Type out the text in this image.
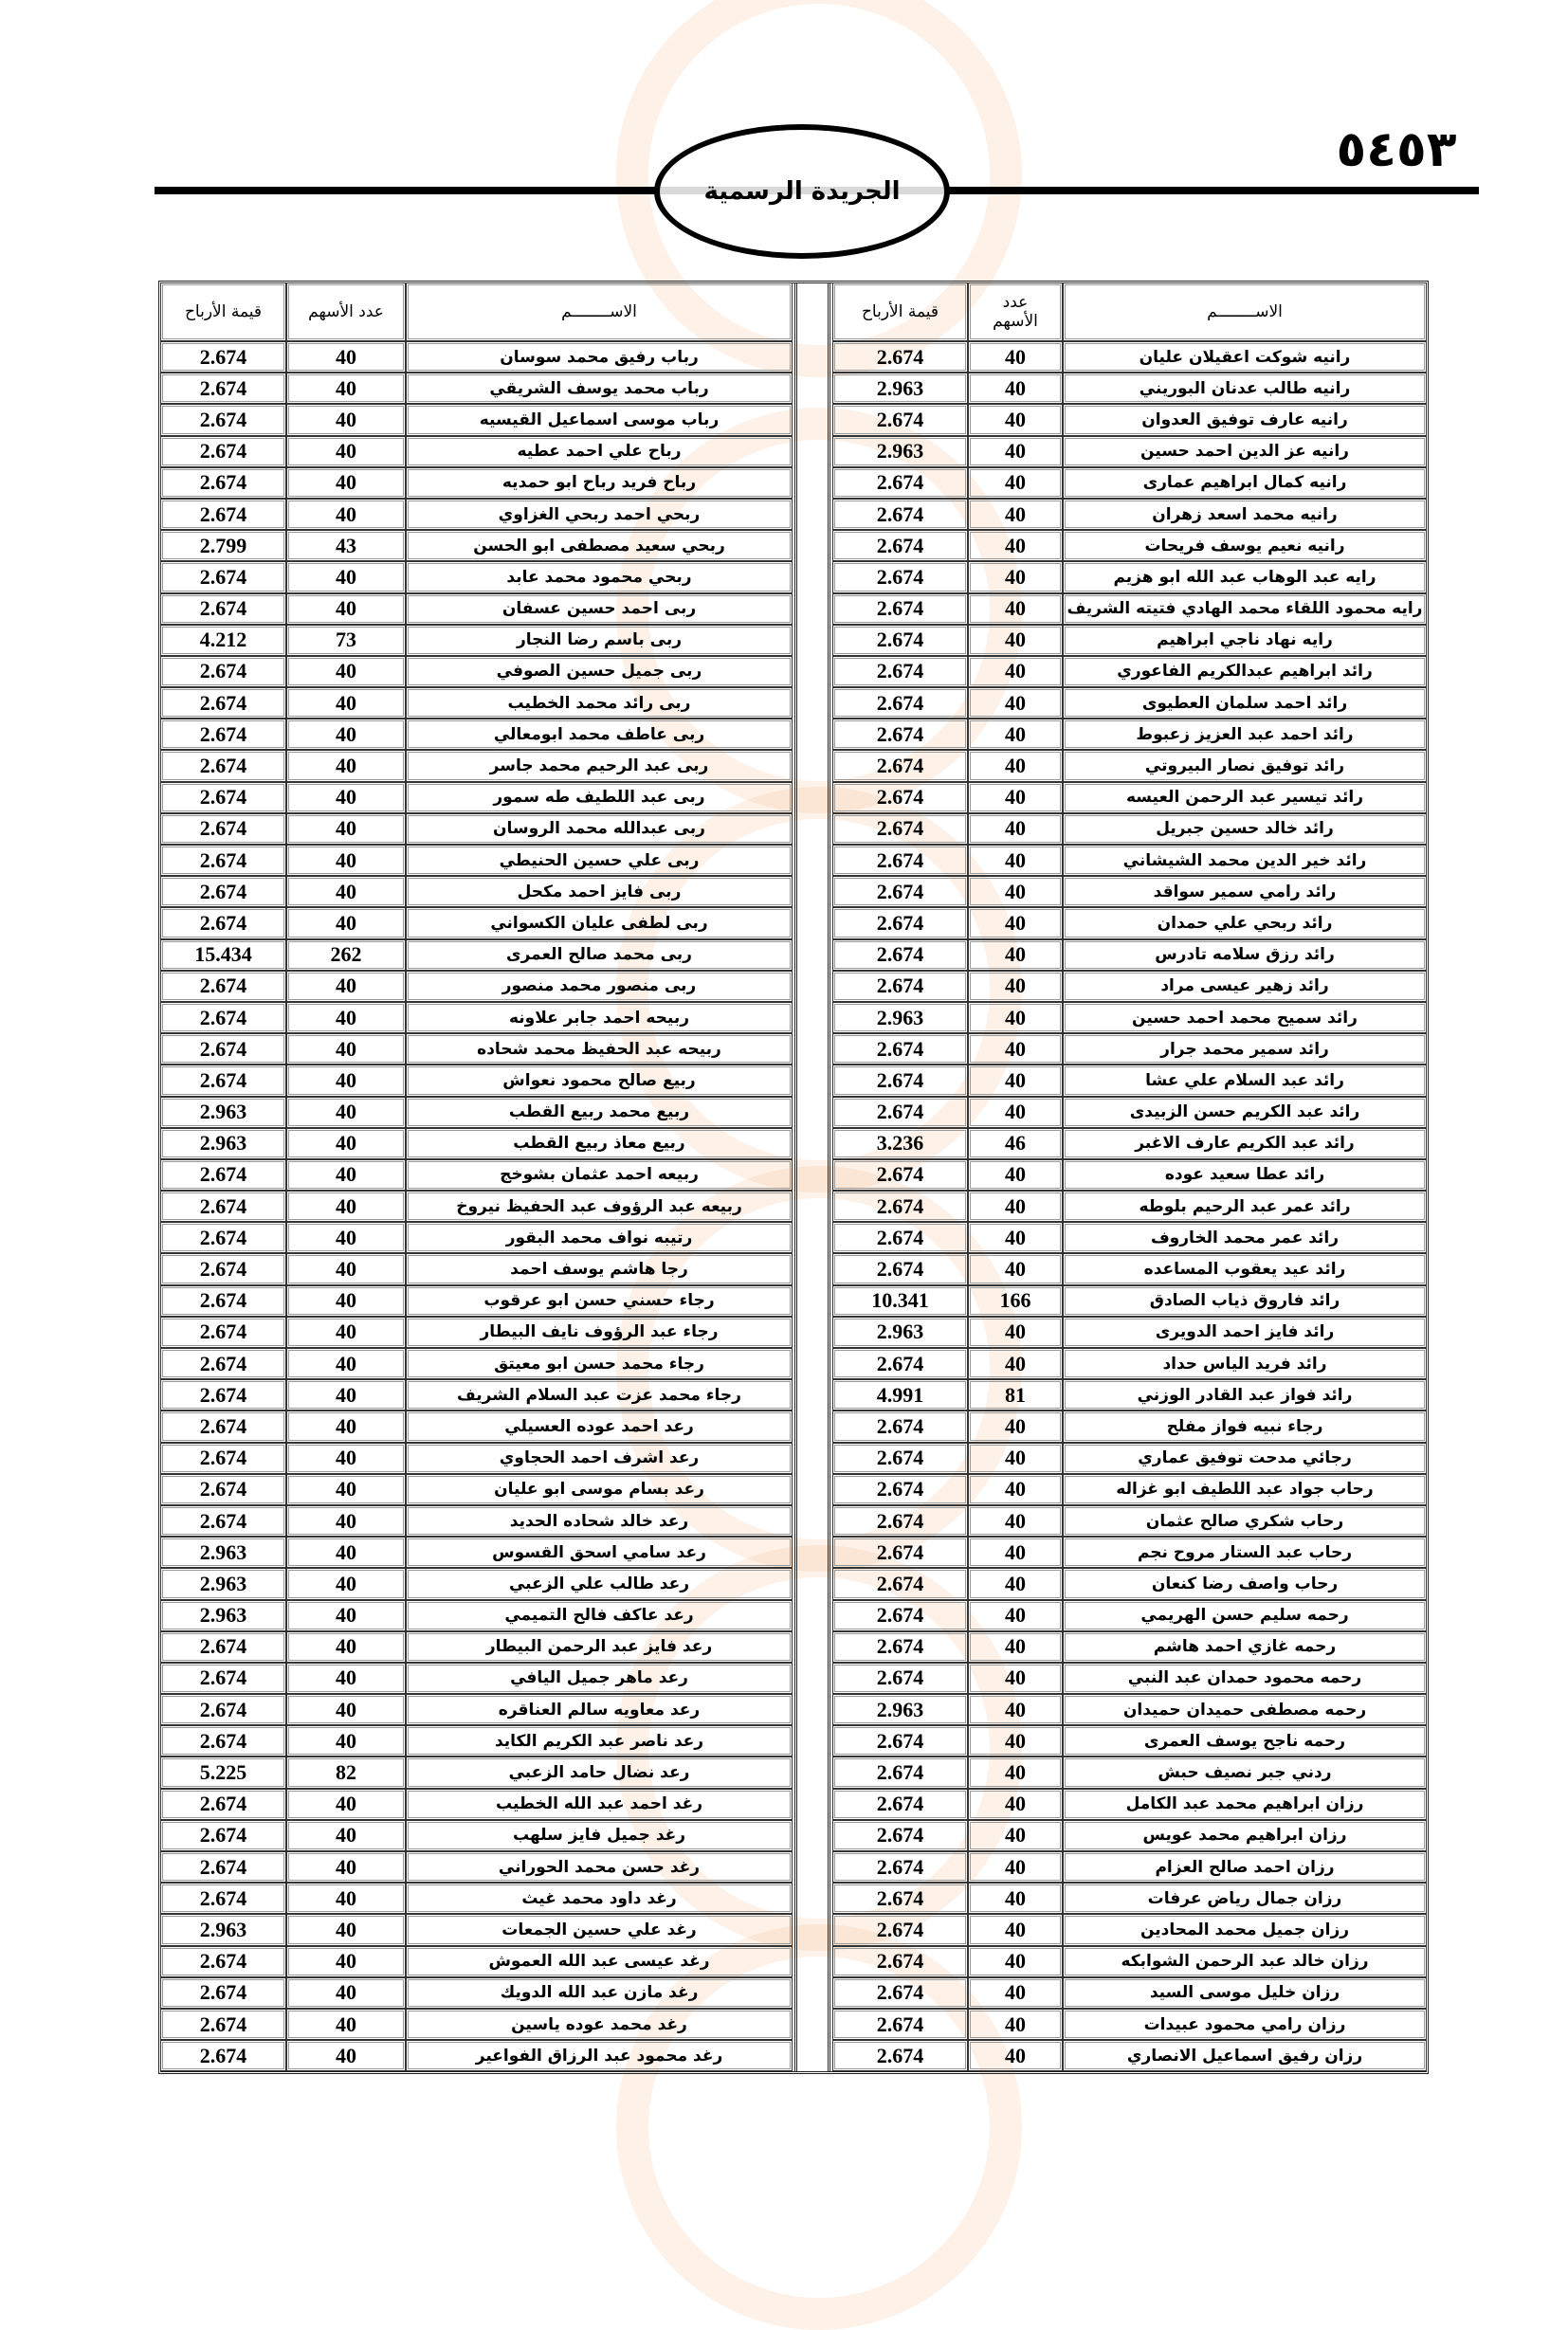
٥٤٥٣
الجريدة الرسمية
الاســــــــم	عدد الأسهم	قيمة الأرباح
رانيه شوكت اعقيلان عليان	40	2.674
رانيه طالب عدنان البوريني	40	2.963
رانيه عارف توفيق العدوان	40	2.674
رانيه عز الدين احمد حسين	40	2.963
رانيه كمال ابراهيم عمارى	40	2.674
رانيه محمد اسعد زهران	40	2.674
رانيه نعيم يوسف فريحات	40	2.674
رايه عبد الوهاب عبد الله ابو هزيم	40	2.674
رايه محمود اللقاء محمد الهادي فتيته الشريف	40	2.674
رايه نهاد ناجي ابراهيم	40	2.674
رائد ابراهيم عبدالكريم الفاعوري	40	2.674
رائد احمد سلمان العطيوى	40	2.674
رائد احمد عبد العزيز زعبوط	40	2.674
رائد توفيق نصار البيروتي	40	2.674
رائد تيسير عبد الرحمن العيسه	40	2.674
رائد خالد حسين جبريل	40	2.674
رائد خير الدين محمد الشيشاني	40	2.674
رائد رامي سمير سواقد	40	2.674
رائد ربحي علي حمدان	40	2.674
رائد رزق سلامه تادرس	40	2.674
رائد زهير عيسى مراد	40	2.674
رائد سميح محمد احمد حسين	40	2.963
رائد سمير محمد جرار	40	2.674
رائد عبد السلام علي عشا	40	2.674
رائد عبد الكريم حسن الزبيدى	40	2.674
رائد عبد الكريم عارف الاغبر	46	3.236
رائد عطا سعيد عوده	40	2.674
رائد عمر عبد الرحيم بلوطه	40	2.674
رائد عمر محمد الخاروف	40	2.674
رائد عيد يعقوب المساعده	40	2.674
رائد فاروق ذياب الصادق	166	10.341
رائد فايز احمد الدويرى	40	2.963
رائد فريد الياس حداد	40	2.674
رائد فواز عبد القادر الوزني	81	4.991
رجاء نبيه فواز مفلح	40	2.674
رجائي مدحت توفيق عماري	40	2.674
رحاب جواد عبد اللطيف ابو غزاله	40	2.674
رحاب شكري صالح عثمان	40	2.674
رحاب عبد الستار مروح نجم	40	2.674
رحاب واصف رضا كنعان	40	2.674
رحمه سليم حسن الهريمي	40	2.674
رحمه غازي احمد هاشم	40	2.674
رحمه محمود حمدان عبد النبي	40	2.674
رحمه مصطفى حميدان حميدان	40	2.963
رحمه ناجح يوسف العمرى	40	2.674
ردني جبر نصيف حبش	40	2.674
رزان ابراهيم محمد عبد الكامل	40	2.674
رزان ابراهيم محمد عويس	40	2.674
رزان احمد صالح العزام	40	2.674
رزان جمال رياض عرفات	40	2.674
رزان جميل محمد المحادين	40	2.674
رزان خالد عبد الرحمن الشوابكه	40	2.674
رزان خليل موسى السيد	40	2.674
رزان رامي محمود عبيدات	40	2.674
رزان رفيق اسماعيل الانصاري	40	2.674
الاســــــــم	عدد الأسهم	قيمة الأرباح
رباب رفيق محمد سوسان	40	2.674
رباب محمد يوسف الشريقي	40	2.674
رباب موسى اسماعيل القيسيه	40	2.674
رباح علي احمد عطيه	40	2.674
رباح فريد رباح ابو حمديه	40	2.674
ربحي احمد ربحي الغزاوي	40	2.674
ربحي سعيد مصطفى ابو الحسن	43	2.799
ربحي محمود محمد عابد	40	2.674
ربى احمد حسين عسفان	40	2.674
ربى باسم رضا النجار	73	4.212
ربى جميل حسين الصوفي	40	2.674
ربى رائد محمد الخطيب	40	2.674
ربى عاطف محمد ابومعالي	40	2.674
ربى عبد الرحيم محمد جاسر	40	2.674
ربى عبد اللطيف طه سمور	40	2.674
ربى عبدالله محمد الروسان	40	2.674
ربى علي حسين الحنيطي	40	2.674
ربى فايز احمد مكحل	40	2.674
ربى لطفى عليان الكسواني	40	2.674
ربى محمد صالح العمرى	262	15.434
ربى منصور محمد منصور	40	2.674
ربيحه احمد جابر علاونه	40	2.674
ربيحه عبد الحفيظ محمد شحاده	40	2.674
ربيع صالح محمود نعواش	40	2.674
ربيع محمد ربيع القطب	40	2.963
ربيع معاذ ربيع القطب	40	2.963
ربيعه احمد عثمان بشوخج	40	2.674
ربيعه عبد الرؤوف عبد الحفيظ نيروخ	40	2.674
رتيبه نواف محمد البقور	40	2.674
رجا هاشم يوسف احمد	40	2.674
رجاء حسني حسن ابو عرقوب	40	2.674
رجاء عبد الرؤوف نايف البيطار	40	2.674
رجاء محمد حسن ابو معيتق	40	2.674
رجاء محمد عزت عبد السلام الشريف	40	2.674
رعد احمد عوده العسيلي	40	2.674
رعد اشرف احمد الحجاوي	40	2.674
رعد بسام موسى ابو عليان	40	2.674
رعد خالد شحاده الحديد	40	2.674
رعد سامي اسحق القسوس	40	2.963
رعد طالب علي الزعبي	40	2.963
رعد عاكف فالح التميمي	40	2.963
رعد فايز عبد الرحمن البيطار	40	2.674
رعد ماهر جميل اليافي	40	2.674
رعد معاويه سالم العناقره	40	2.674
رعد ناصر عبد الكريم الكايد	40	2.674
رعد نضال حامد الزعبي	82	5.225
رغد احمد عبد الله الخطيب	40	2.674
رغد جميل فايز سلهب	40	2.674
رغد حسن محمد الحوراني	40	2.674
رغد داود محمد غيث	40	2.674
رغد علي حسين الجمعات	40	2.963
رغد عيسى عبد الله العموش	40	2.674
رغد مازن عبد الله الدويك	40	2.674
رغد محمد عوده ياسين	40	2.674
رغد محمود عبد الرزاق الفواعير	40	2.674
